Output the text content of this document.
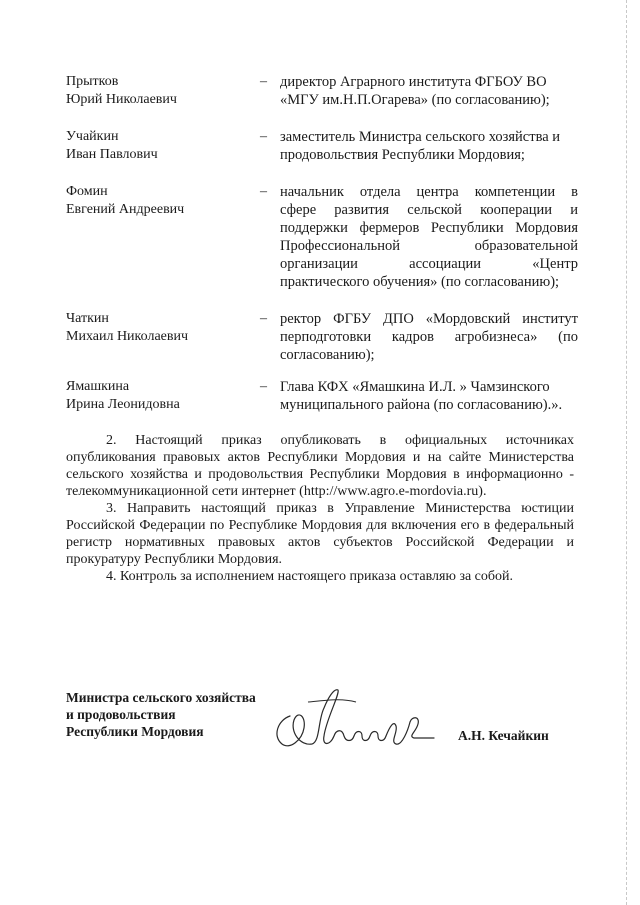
Прытков
Юрий Николаевич
– директор Аграрного института ФГБОУ ВО
«МГУ им.Н.П.Огарева» (по согласованию);
Учайкин
Иван Павлович
– заместитель Министра сельского хозяйства и
продовольствия Республики Мордовия;
Фомин
Евгений Андреевич
– начальник отдела центра компетенции в
сфере развития сельской кооперации и
поддержки фермеров Республики Мордовия
Профессиональной образовательной
организации ассоциации «Центр
практического обучения» (по согласованию);
Чаткин
Михаил Николаевич
– ректор ФГБУ ДПО «Мордовский институт
перподготовки кадров агробизнеса» (по
согласованию);
Ямашкина
Ирина Леонидовна
– Глава КФХ «Ямашкина И.Л. » Чамзинского
муниципального района (по согласованию).».

2. Настоящий приказ опубликовать в официальных источниках опубликования правовых актов Республики Мордовия и на сайте Министерства сельского хозяйства и продовольствия Республики Мордовия в информационно - телекоммуникационной сети интернет (http://www.agro.e-mordovia.ru).

3. Направить настоящий приказ в Управление Министерства юстиции Российской Федерации по Республике Мордовия для включения его в федеральный регистр нормативных правовых актов субъектов Российской Федерации и прокуратуру Республики Мордовия.

4. Контроль за исполнением настоящего приказа оставляю за собой.

Министра сельского хозяйства
и продовольствия
Республики Мордовия	А.Н. Кечайкин
